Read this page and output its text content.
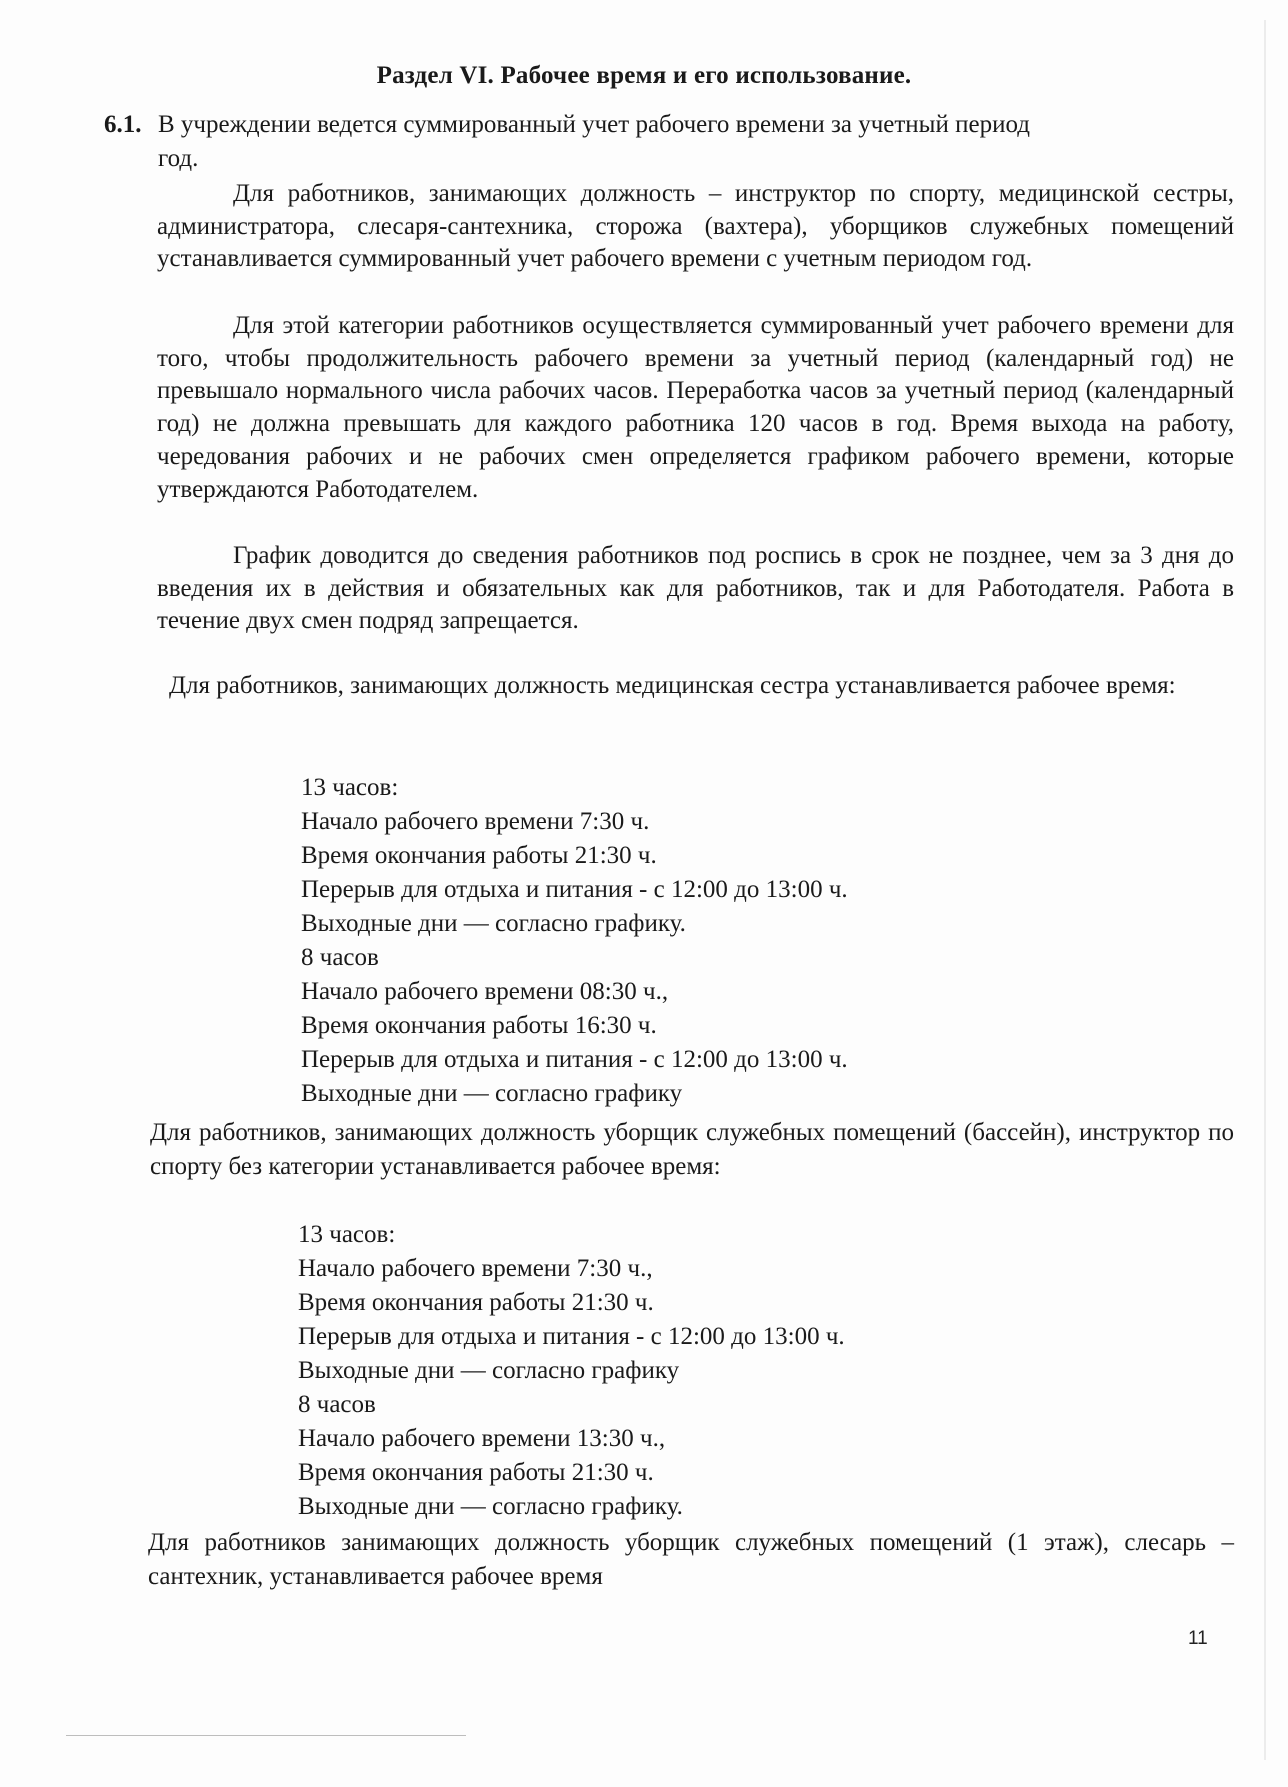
Раздел VI. Рабочее время и его использование.
6.1. В учреждении ведется суммированный учет рабочего времени за учетный период
год.

Для работников, занимающих должность – инструктор по спорту, медицинской сестры, администратора, слесаря-сантехника, сторожа (вахтера), уборщиков служебных помещений устанавливается суммированный учет рабочего времени с учетным периодом год.

Для этой категории работников осуществляется суммированный учет рабочего времени для того, чтобы продолжительность рабочего времени за учетный период (календарный год) не превышало нормального числа рабочих часов. Переработка часов за учетный период (календарный год) не должна превышать для каждого работника 120 часов в год. Время выхода на работу, чередования рабочих и не рабочих смен определяется графиком рабочего времени, которые утверждаются Работодателем.

График доводится до сведения работников под роспись в срок не позднее, чем за 3 дня до введения их в действия и обязательных как для работников, так и для Работодателя. Работа в течение двух смен подряд запрещается.

Для работников, занимающих должность медицинская сестра устанавливается рабочее время:

13 часов:
Начало рабочего времени 7:30 ч.
Время окончания работы 21:30 ч.
Перерыв для отдыха и питания - с 12:00 до 13:00 ч.
Выходные дни — согласно графику.
8 часов
Начало рабочего времени 08:30 ч.,
Время окончания работы 16:30 ч.
Перерыв для отдыха и питания - с 12:00 до 13:00 ч.
Выходные дни — согласно графику

Для работников, занимающих должность уборщик служебных помещений (бассейн), инструктор по спорту без категории устанавливается рабочее время:

13 часов:
Начало рабочего времени 7:30 ч.,
Время окончания работы 21:30 ч.
Перерыв для отдыха и питания - с 12:00 до 13:00 ч.
Выходные дни — согласно графику
8 часов
Начало рабочего времени 13:30 ч.,
Время окончания работы 21:30 ч.
Выходные дни — согласно графику.

Для работников занимающих должность уборщик служебных помещений (1 этаж), слесарь – сантехник, устанавливается рабочее время

11
